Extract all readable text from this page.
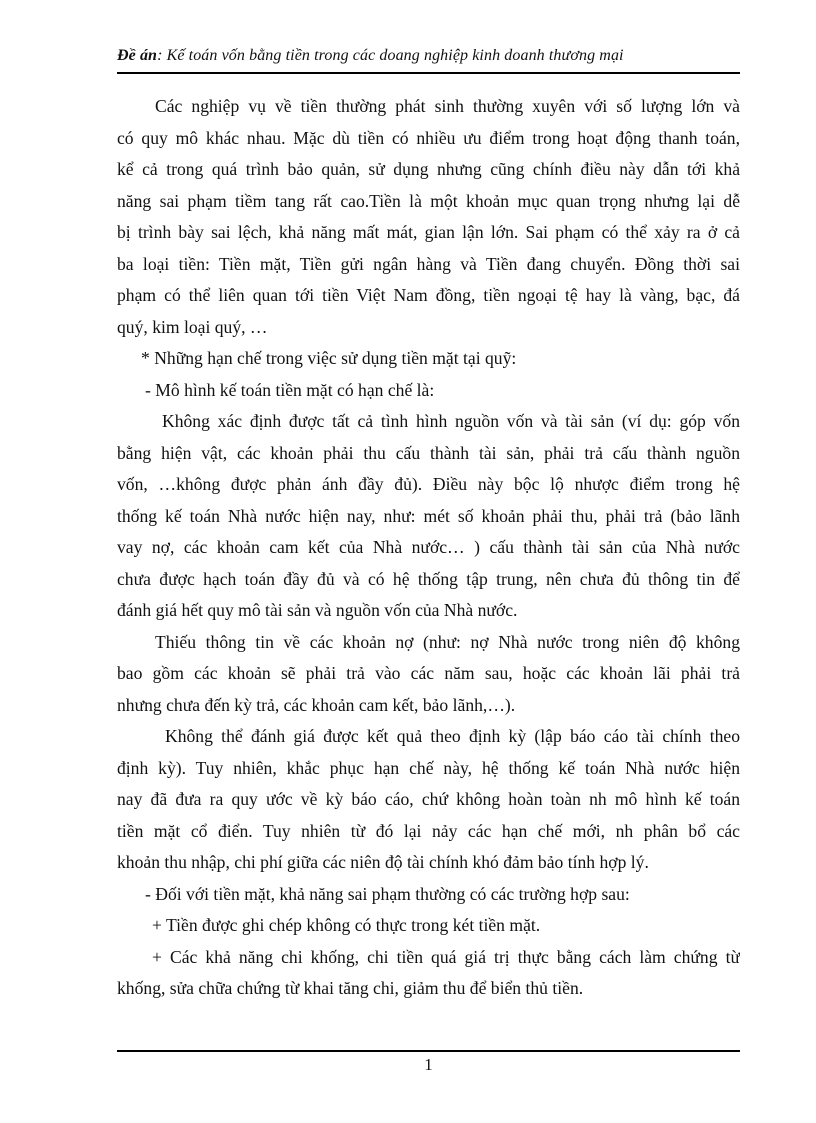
Đề án: Kế toán vốn bằng tiền trong các doang nghiệp kinh doanh thương mại
Các nghiệp vụ về tiền thường phát sinh thường xuyên với số lượng lớn và
có quy mô khác nhau. Mặc dù tiền có nhiều ưu điểm trong hoạt động thanh toán,
kể cả trong quá trình bảo quản, sử dụng nhưng cũng chính điều này dẫn tới khả
năng sai phạm tiềm tang rất cao.Tiền là một khoản mục quan trọng nhưng lại dễ
bị trình bày sai lệch, khả năng mất mát, gian lận lớn. Sai phạm có thể xảy ra ở cả
ba loại tiền: Tiền mặt, Tiền gửi ngân hàng và Tiền đang chuyển. Đồng thời sai
phạm có thể liên quan tới tiền Việt Nam đồng, tiền ngoại tệ hay là vàng, bạc, đá
quý, kim loại quý, …
* Những hạn chế trong việc sử dụng tiền mặt tại quỹ:
- Mô hình kế toán tiền mặt có hạn chế là:
Không xác định được tất cả tình hình nguồn vốn và tài sản (ví dụ: góp vốn
bằng hiện vật, các khoản phải thu cấu thành tài sản, phải trả cấu thành nguồn
vốn, …không được phản ánh đầy đủ). Điều này bộc lộ nhược điểm trong hệ
thống kế toán Nhà nước hiện nay, như: mét số khoản phải thu, phải trả (bảo lãnh
vay nợ, các khoản cam kết của Nhà nước… ) cấu thành tài sản của Nhà nước
chưa được hạch toán đầy đủ và có hệ thống tập trung, nên chưa đủ thông tin để
đánh giá hết quy mô tài sản và nguồn vốn của Nhà nước.
Thiếu thông tin về các khoản nợ (như: nợ Nhà nước trong niên độ không
bao gồm các khoản sẽ phải trả vào các năm sau, hoặc các khoản lãi phải trả
nhưng chưa đến kỳ trả, các khoản cam kết, bảo lãnh,…).
Không thể đánh giá được kết quả theo định kỳ (lập báo cáo tài chính theo
định kỳ). Tuy nhiên, khắc phục hạn chế này, hệ thống kế toán Nhà nước hiện
nay đã đưa ra quy ước về kỳ báo cáo, chứ không hoàn toàn nh mô hình kế toán
tiền mặt cổ điển. Tuy nhiên từ đó lại nảy các hạn chế mới, nh phân bổ các
khoản thu nhập, chi phí giữa các niên độ tài chính khó đảm bảo tính hợp lý.
- Đối với tiền mặt, khả năng sai phạm thường có các trường hợp sau:
+ Tiền được ghi chép không có thực trong két tiền mặt.
+ Các khả năng chi khống, chi tiền quá giá trị thực bằng cách làm chứng từ
khống, sửa chữa chứng từ khai tăng chi, giảm thu để biển thủ tiền.
1
